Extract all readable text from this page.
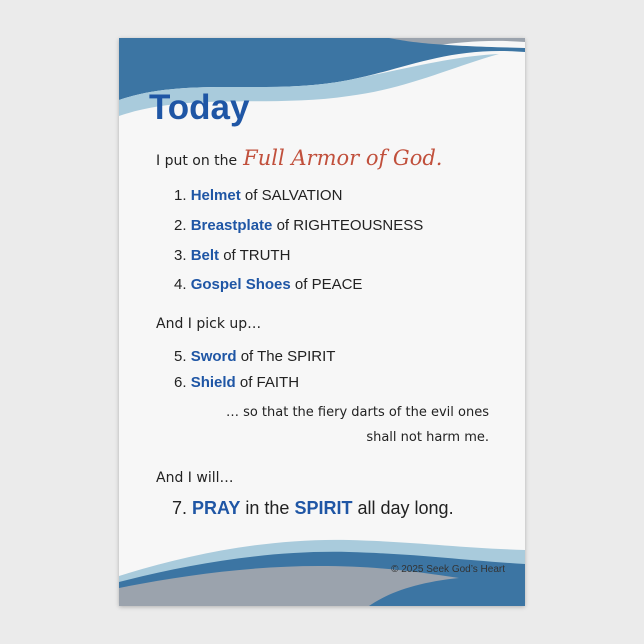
Today
I put on the Full Armor of God.
1. Helmet of SALVATION
2. Breastplate of RIGHTEOUSNESS
3. Belt of TRUTH
4. Gospel Shoes of PEACE
And I pick up…
5. Sword of The SPIRIT
6. Shield of FAITH
… so that the fiery darts of the evil ones
shall not harm me.
And I will…
7. PRAY in the SPIRIT all day long.
© 2025 Seek God’s Heart
